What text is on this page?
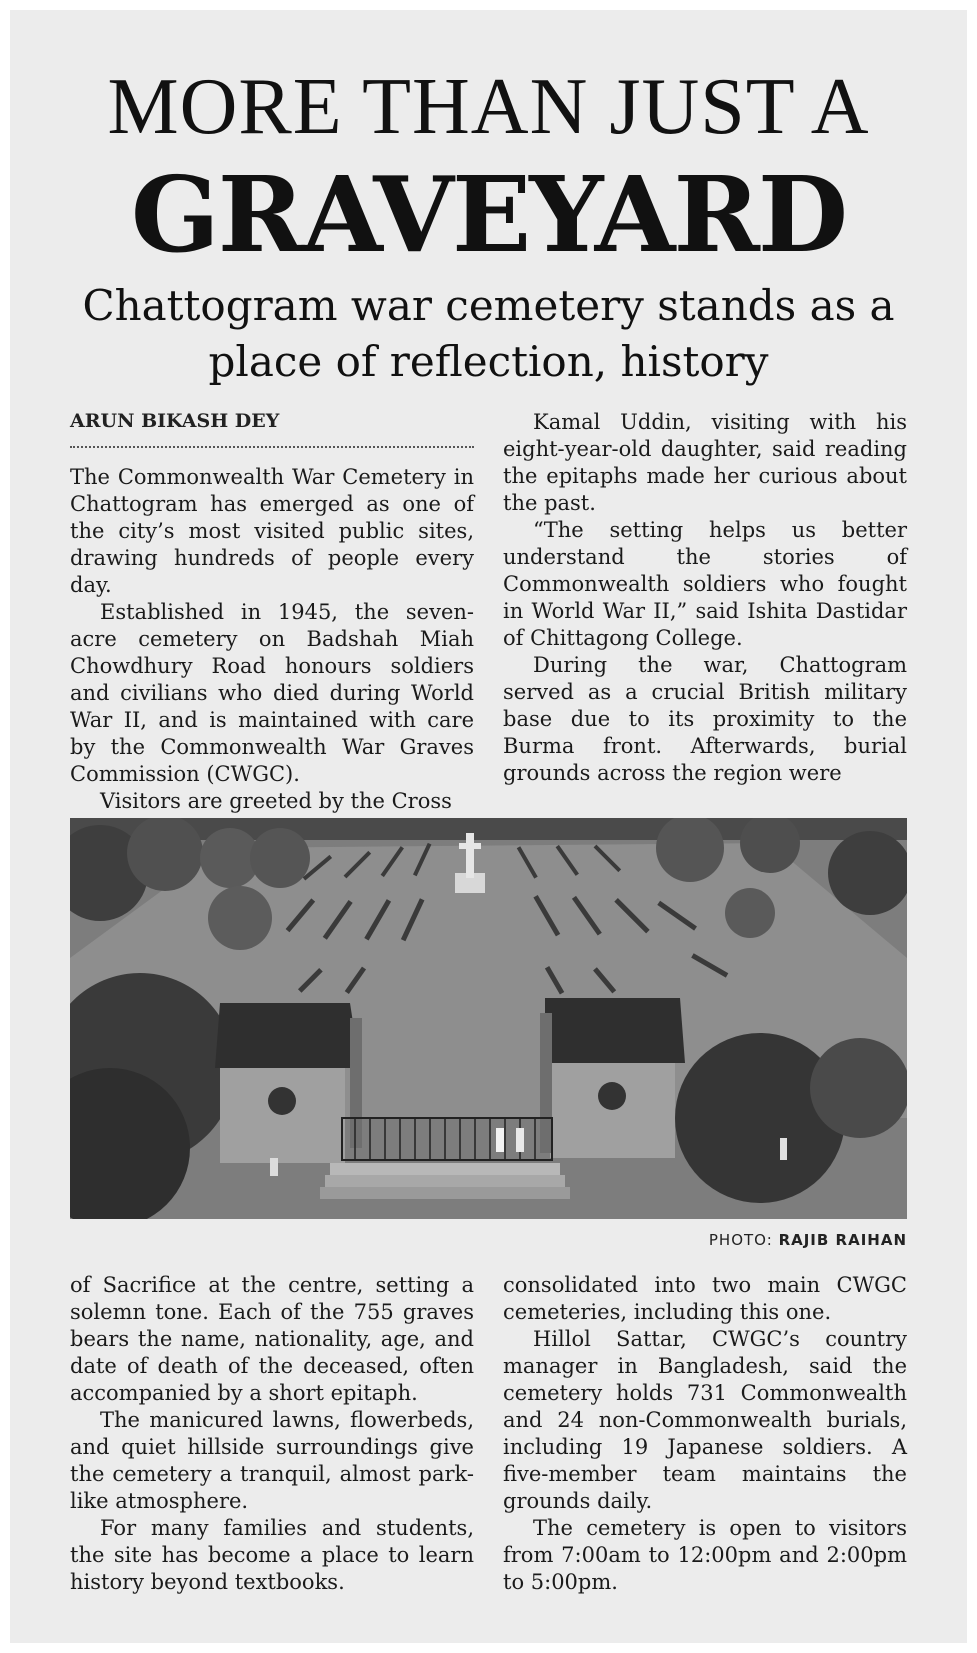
MORE THAN JUST A
GRAVEYARD
Chattogram war cemetery stands as a place of reflection, history
ARUN BIKASH DEY

The Commonwealth War Cemetery in Chattogram has emerged as one of the city’s most visited public sites, drawing hundreds of people every day.

Established in 1945, the seven-acre cemetery on Badshah Miah Chowdhury Road honours soldiers and civilians who died during World War II, and is maintained with care by the Commonwealth War Graves Commission (CWGC).

Visitors are greeted by the Cross

Kamal Uddin, visiting with his eight-year-old daughter, said reading the epitaphs made her curious about the past.

“The setting helps us better understand the stories of Commonwealth soldiers who fought in World War II,” said Ishita Dastidar of Chittagong College.

During the war, Chattogram served as a crucial British military base due to its proximity to the Burma front. Afterwards, burial grounds across the region were

PHOTO: RAJIB RAIHAN

of Sacrifice at the centre, setting a solemn tone. Each of the 755 graves bears the name, nationality, age, and date of death of the deceased, often accompanied by a short epitaph.

The manicured lawns, flowerbeds, and quiet hillside surroundings give the cemetery a tranquil, almost park-like atmosphere.

For many families and students, the site has become a place to learn history beyond textbooks.

consolidated into two main CWGC cemeteries, including this one.

Hillol Sattar, CWGC’s country manager in Bangladesh, said the cemetery holds 731 Commonwealth and 24 non-Commonwealth burials, including 19 Japanese soldiers. A five-member team maintains the grounds daily.

The cemetery is open to visitors from 7:00am to 12:00pm and 2:00pm to 5:00pm.
